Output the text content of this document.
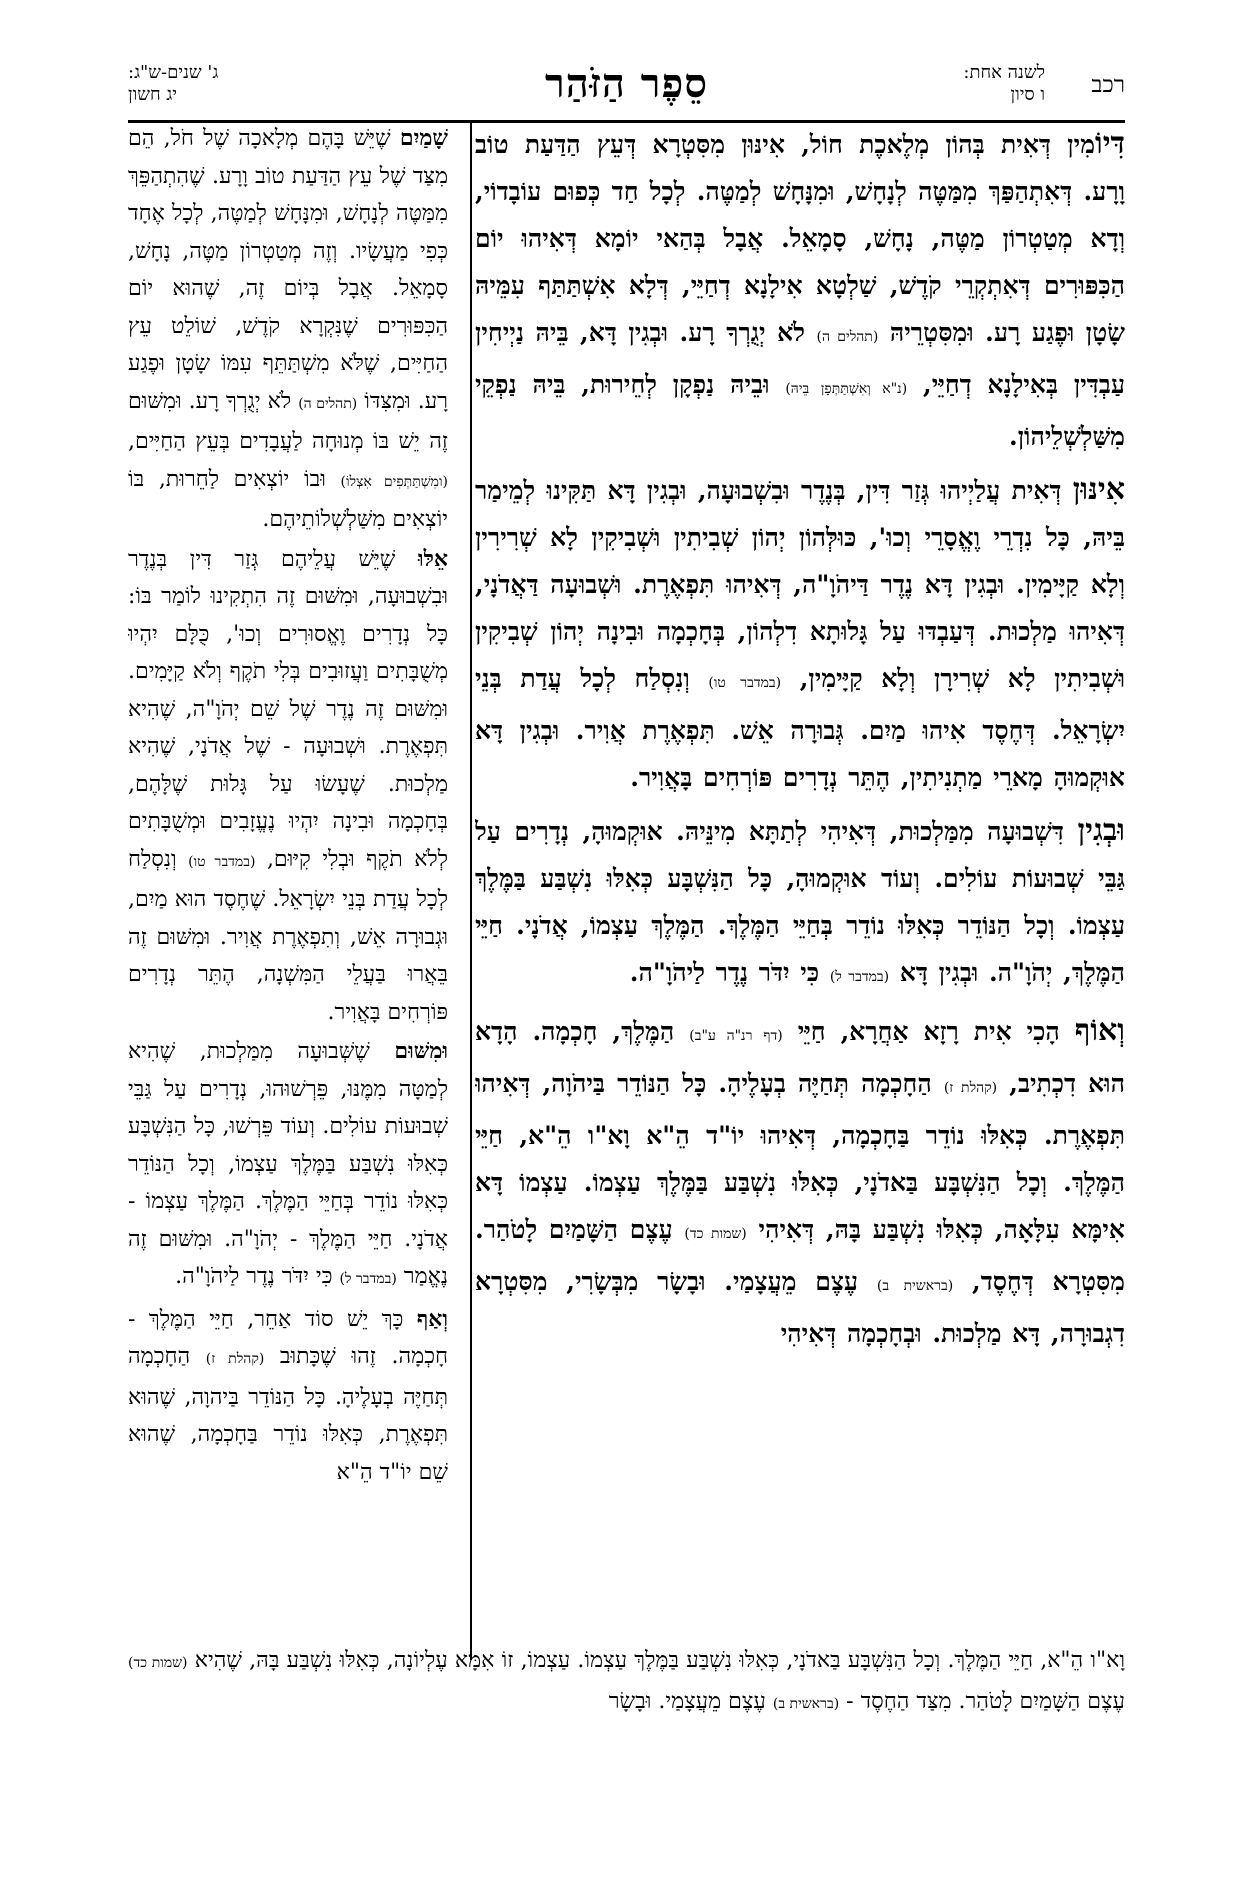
רכב
לשנה אחת:
ו סיון
סֵפֶר הַזֹּהַר
ג' שנים-ש"ג:
יג חשון

דִּיוֹמִין דְּאִית בְּהוֹן מְלֶאכֶת חוֹל, אִינּוּן מִסִּטְרָא דְּעֵץ הַדַּעַת טוֹב וָרָע. דְּאִתְהַפַּךְ מִמַּטֶּה לְנָחָשׁ, וּמִנָּחָשׁ לְמַטֶּה. לְכָל חַד כְּפוּם עוֹבָדוֹי, וְדָא מְטַטְרוֹן מַטֶּה, נָחָשׁ, סָמָאֵל. אֲבָל בְּהַאי יוֹמָא דְּאִיהוּ יוֹם הַכִּפּוּרִים דְּאִתְקְרֵי קֹדֶשׁ, שַׁלְטָא אִילָנָא דְחַיֵּי, דְּלָא אִשְׁתַּתַּף עִמֵּיהּ שָׂטָן וּפֶגַע רָע. וּמִסִּטְרֵיהּ (תהלים ה) לֹא יְגֻרְךָ רָע. וּבְגִין דָּא, בֵּיהּ נַיְיחִין עַבְדִּין בְּאִילָנָא דְחַיֵּי, (נ"א וְאִשְׁתַּתְּפָן בֵּיהּ) וּבֵיהּ נַפְקָן לְחֵירוּת, בֵּיהּ נַפְקֵי מִשַּׁלְשְׁלֵיהוֹן.

אִינּוּן דְּאִית עֲלַיְיהוּ גְּזַר דִּין, בְּנֶדֶר וּבִשְׁבוּעָה, וּבְגִין דָּא תַּקִּינוּ לְמֵימַר בֵּיהּ, כָּל נִדְרֵי וֶאֱסָרֵי וְכוּ', כּוּלְּהוֹן יְהוֹן שְׁבִיתִין וּשְׁבִיקִין לָא שְׁרִירִין וְלָא קַיָּימִין. וּבְגִין דָּא נֶדֶר דַּיהֹוָ"ה, דְּאִיהוּ תִּפְאֶרֶת. וּשְׁבוּעָה דַּאֲדֹנָי, דְּאִיהוּ מַלְכוּת. דְּעַבְדּוּ עַל גָּלוּתָא דִלְהוֹן, בְּחָכְמָה וּבִינָה יְהוֹן שְׁבִיקִין וּשְׁבִיתִין לָא שְׁרִירָן וְלָא קַיָּימִין, (במדבר טו) וְנִסְלַח לְכָל עֲדַת בְּנֵי יִשְׂרָאֵל. דְּחֶסֶד אִיהוּ מַיִם. גְּבוּרָה אֵשׁ. תִּפְאֶרֶת אֲוִיר. וּבְגִין דָּא אוּקְמוּהָ מָארֵי מַתְנִיתִין, הֶתֵּר נְדָרִים פּוֹרְחִים בָּאֲוִיר.

וּבְגִין דִּשְׁבוּעָה מִמַּלְכוּת, דְּאִיהִי לְתַתָּא מִינֵּיהּ. אוּקְמוּהָ, נְדָרִים עַל גַּבֵּי שְׁבוּעוֹת עוֹלִים. וְעוֹד אוּקְמוּהָ, כָּל הַנִּשְׁבָּע כְּאִלּוּ נִשְׁבַּע בַּמֶּלֶךְ עַצְמוֹ. וְכָל הַנּוֹדֵר כְּאִלּוּ נוֹדֵר בְּחַיֵּי הַמֶּלֶךְ. הַמֶּלֶךְ עַצְמוֹ, אֲדֹנָי. חַיֵּי הַמֶּלֶךְ, יְהֹוָ"ה. וּבְגִין דָּא (במדבר ל) כִּי יִדֹּר נֶדֶר לַיהֹוָ"ה.

וְאוֹף הָכִי אִית רָזָא אַחֲרָא, חַיֵּי (דף רנ"ה ע"ב) הַמֶּלֶךְ, חָכְמָה. הָדָא הוּא דִכְתִיב, (קהלת ז) הַחָכְמָה תְּחַיֶּה בְעָלֶיהָ. כָּל הַנּוֹדֵר בַּיהֹוָה, דְּאִיהוּ תִּפְאֶרֶת. כְּאִלּוּ נוֹדֵר בַּחָכְמָה, דְּאִיהוּ יוֹ"ד הֵ"א וָא"ו הֵ"א, חַיֵּי הַמֶּלֶךְ. וְכָל הַנִּשְׁבָּע בַּאדֹנָי, כְּאִלּוּ נִשְׁבַּע בַּמֶּלֶךְ עַצְמוֹ. עַצְמוֹ דָּא אִימָּא עִלָּאָה, כְּאִלּוּ נִשְׁבַּע בָּהּ, דְּאִיהִי (שמות כד) עֶצֶם הַשָּׁמַיִם לָטֹהַר. מִסִּטְרָא דְּחֶסֶד, (בראשית ב) עֶצֶם מֵעֲצָמַי. וּבָשָׂר מִבְּשָׂרִי, מִסִּטְרָא דִגְבוּרָה, דָּא מַלְכוּת. וּבְחָכְמָה דְּאִיהִי

שָׁמַיִם שֶׁיֵּשׁ בָּהֶם מְלָאכָה שֶׁל חֹל, הֵם מִצַּד שֶׁל עֵץ הַדַּעַת טוֹב וָרָע. שֶׁהִתְהַפֵּךְ מִמַּטֶּה לְנָחָשׁ, וּמִנָּחָשׁ לְמַטֶּה, לְכָל אֶחָד כְּפִי מַעֲשָׂיו. וְזֶה מְטַטְרוֹן מַטֶּה, נָחָשׁ, סָמָאֵל. אֲבָל בְּיוֹם זֶה, שֶׁהוּא יוֹם הַכִּפּוּרִים שֶׁנִּקְרָא קֹדֶשׁ, שׁוֹלֵט עֵץ הַחַיִּים, שֶׁלֹּא מִשְׁתַּתֵּף עִמּוֹ שָׂטָן וּפֶגַע רָע. וּמִצִּדּוֹ (תהלים ה) לֹא יְגֻרְךָ רָע. וּמִשּׁוּם זֶה יֵשׁ בּוֹ מְנוּחָה לַעֲבָדִים בְּעֵץ הַחַיִּים, (ומִשְׁתַּתְּפִים אִצְלוֹ) וּבוֹ יוֹצְאִים לַחֵרוּת, בּוֹ יוֹצְאִים מִשַּׁלְשְׁלוֹתֵיהֶם.

אֵלּוּ שֶׁיֵּשׁ עֲלֵיהֶם גְּזַר דִּין בְּנֶדֶר וּבִשְׁבוּעָה, וּמִשּׁוּם זֶה הִתְקִינוּ לוֹמַר בּוֹ: כָּל נְדָרִים וֶאֱסוּרִים וְכוּ', כֻּלָּם יִהְיוּ מְשֻׁבָּתִים וַעֲזוּבִים בְּלִי תֹקֶף וְלֹא קַיָּמִים. וּמִשּׁוּם זֶה נֶדֶר שֶׁל שֵׁם יְהֹוָ"ה, שֶׁהִיא תִּפְאֶרֶת. וּשְׁבוּעָה - שֶׁל אֲדֹנָי, שֶׁהִיא מַלְכוּת. שֶׁעָשׂוּ עַל גָּלוּת שֶׁלָּהֶם, בְּחָכְמָה וּבִינָה יִהְיוּ נֶעֱזָבִים וּמְשֻׁבָּתִים לְלֹא תֹקֶף וּבְלִי קִיּוּם, (במדבר טו) וְנִסְלַח לְכָל עֲדַת בְּנֵי יִשְׂרָאֵל. שֶׁחֶסֶד הוּא מַיִם, וּגְבוּרָה אֵשׁ, וְתִפְאֶרֶת אֲוִיר. וּמִשּׁוּם זֶה בֵּאֲרוּ בַּעֲלֵי הַמִּשְׁנָה, הֶתֵּר נְדָרִים פּוֹרְחִים בָּאֲוִיר.

וּמִשּׁוּם שֶׁשְּׁבוּעָה מִמַּלְכוּת, שֶׁהִיא לְמַטָּה מִמֶּנּוּ, פֵּרְשׁוּהוּ, נְדָרִים עַל גַּבֵּי שְׁבוּעוֹת עוֹלִים. וְעוֹד פֵּרְשׁוּ, כָּל הַנִּשְׁבָּע כְּאִלּוּ נִשְׁבַּע בַּמֶּלֶךְ עַצְמוֹ, וְכָל הַנּוֹדֵר כְּאִלּוּ נוֹדֵר בְּחַיֵּי הַמֶּלֶךְ. הַמֶּלֶךְ עַצְמוֹ - אֲדֹנָי. חַיֵּי הַמֶּלֶךְ - יְהֹוָ"ה. וּמִשּׁוּם זֶה נֶאֱמַר (במדבר ל) כִּי יִדֹּר נֶדֶר לַיהֹוָ"ה.

וְאַף כָּךְ יֵשׁ סוֹד אַחֵר, חַיֵּי הַמֶּלֶךְ - חָכְמָה. זֶהוּ שֶׁכָּתוּב (קהלת ז) הַחָכְמָה תְּחַיֶּה בְעָלֶיהָ. כָּל הַנּוֹדֵר בַּיהוָה, שֶׁהוּא תִּפְאֶרֶת, כְּאִלּוּ נוֹדֵר בַּחָכְמָה, שֶׁהוּא שֵׁם יוֹ"ד הֵ"א

וָא"ו הֵ"א, חַיֵּי הַמֶּלֶךְ. וְכָל הַנִּשְׁבָּע בַּאדֹנָי, כְּאִלּוּ נִשְׁבַּע בַּמֶּלֶךְ עַצְמוֹ. עַצְמוֹ, זוֹ אִמָּא עֶלְיוֹנָה, כְּאִלּוּ נִשְׁבַּע בָּהּ, שֶׁהִיא (שמות כד) עֶצֶם הַשָּׁמַיִם לָטֹהַר. מִצַּד הַחֶסֶד - (בראשית ב) עֶצֶם מֵעֲצָמַי. וּבָשָׂר
